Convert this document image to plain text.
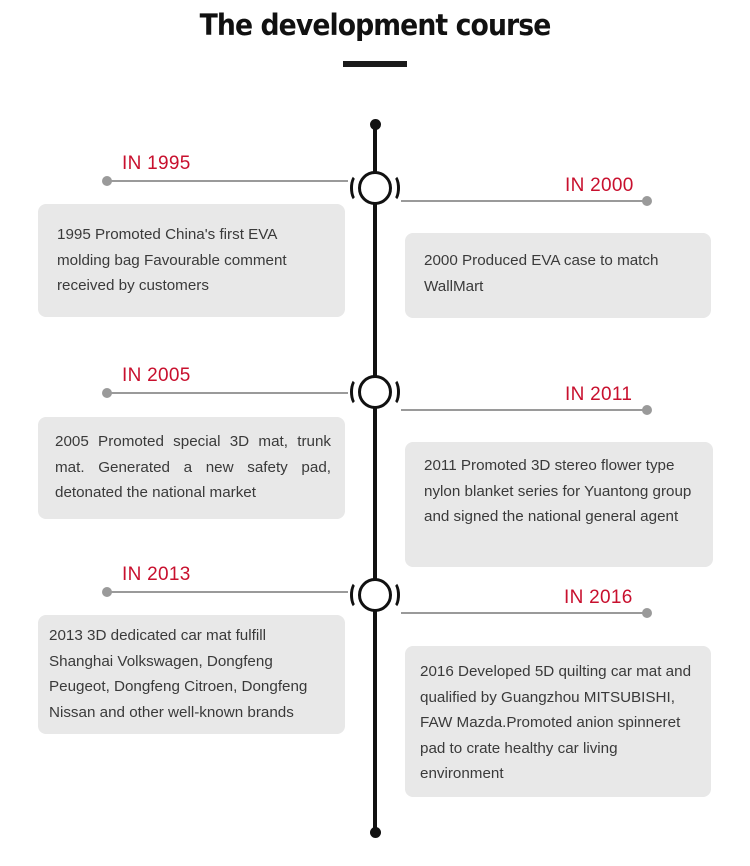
The development course
IN 1995
1995 Promoted China's first EVA molding bag Favourable comment received by customers
IN 2000
2000 Produced EVA case to match WallMart
IN 2005
2005 Promoted special 3D mat, trunk mat. Generated a new safety pad, detonated the national market
IN 2011
2011 Promoted 3D stereo flower type nylon blanket series for Yuantong group and signed the national general agent
IN 2013
2013 3D dedicated car mat fulfill Shanghai Volkswagen, Dongfeng Peugeot, Dongfeng Citroen, Dongfeng Nissan and other well-known brands
IN 2016
2016 Developed 5D quilting car mat and qualified by Guangzhou MITSUBISHI, FAW Mazda.Promoted anion spinneret pad to crate healthy car living environment
